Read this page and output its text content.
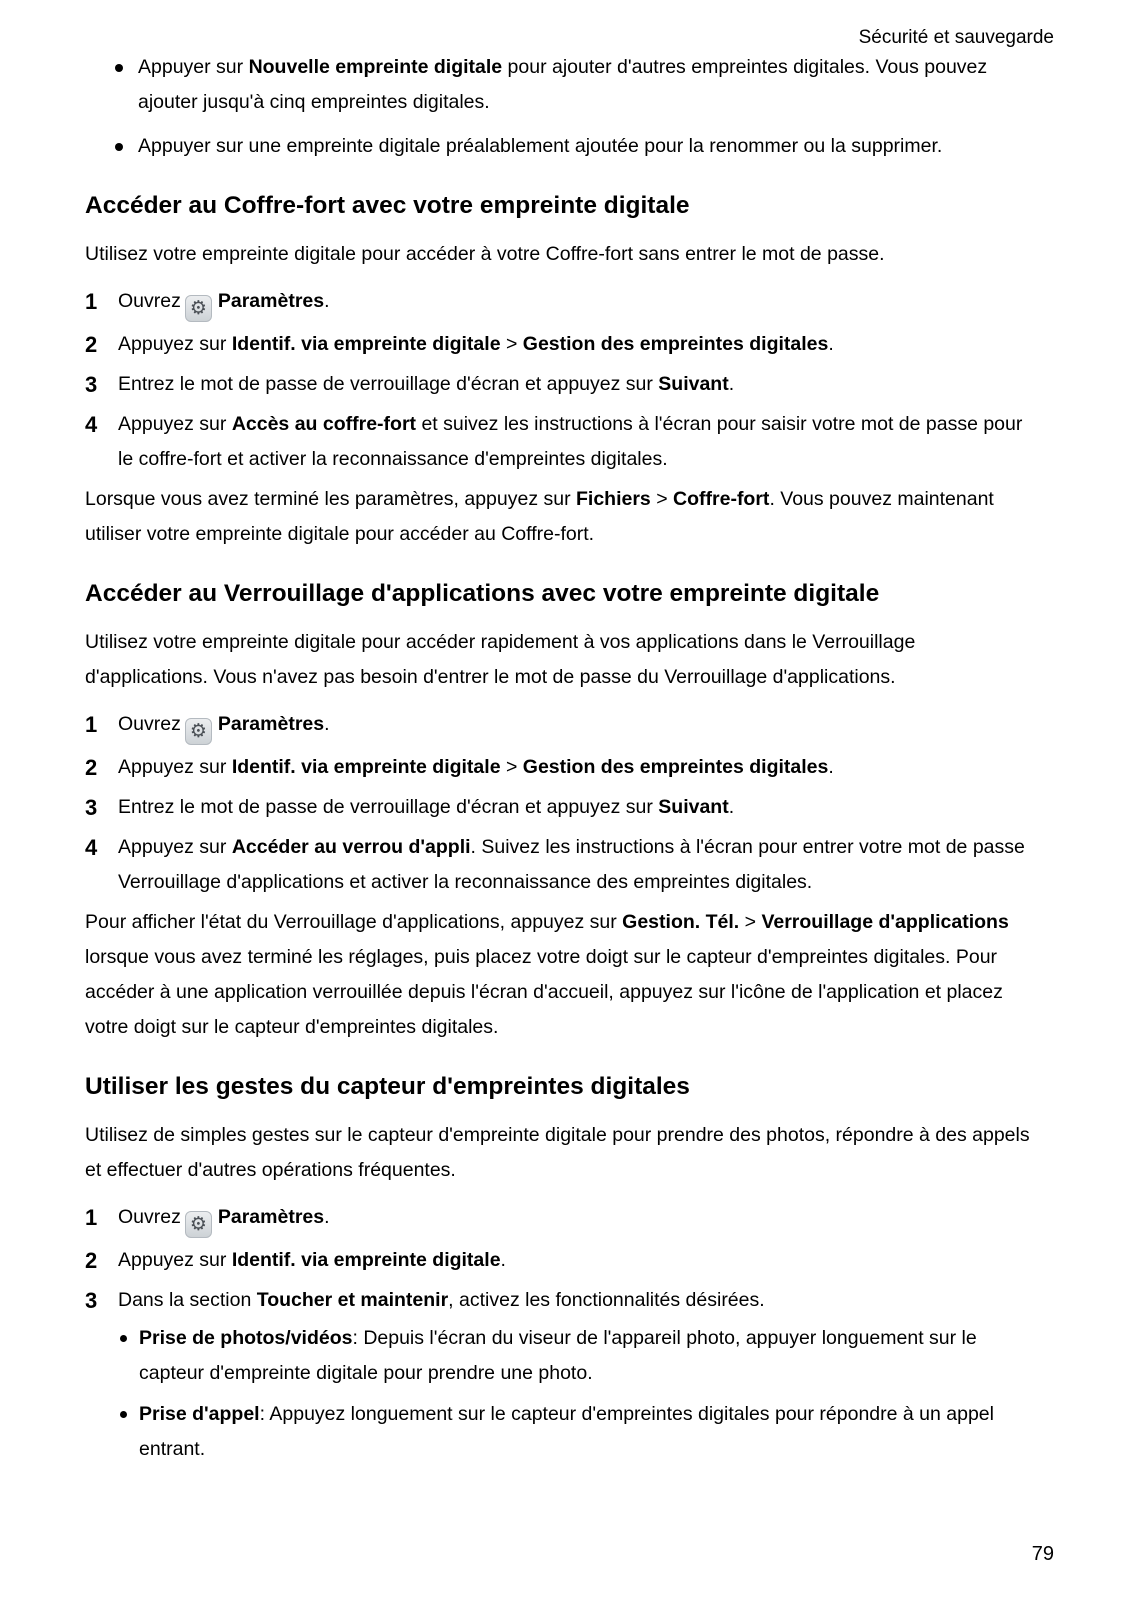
Sécurité et sauvegarde
Appuyer sur Nouvelle empreinte digitale pour ajouter d'autres empreintes digitales. Vous pouvez ajouter jusqu'à cinq empreintes digitales.
Appuyer sur une empreinte digitale préalablement ajoutée pour la renommer ou la supprimer.
Accéder au Coffre-fort avec votre empreinte digitale

Utilisez votre empreinte digitale pour accéder à votre Coffre-fort sans entrer le mot de passe.

1	Ouvrez ⚙ Paramètres.
2	Appuyez sur Identif. via empreinte digitale > Gestion des empreintes digitales.
3	Entrez le mot de passe de verrouillage d'écran et appuyez sur Suivant.
4	Appuyez sur Accès au coffre-fort et suivez les instructions à l'écran pour saisir votre mot de passe pour le coffre-fort et activer la reconnaissance d'empreintes digitales.

Lorsque vous avez terminé les paramètres, appuyez sur Fichiers > Coffre-fort. Vous pouvez maintenant utiliser votre empreinte digitale pour accéder au Coffre-fort.

Accéder au Verrouillage d'applications avec votre empreinte digitale

Utilisez votre empreinte digitale pour accéder rapidement à vos applications dans le Verrouillage d'applications. Vous n'avez pas besoin d'entrer le mot de passe du Verrouillage d'applications.

1	Ouvrez ⚙ Paramètres.
2	Appuyez sur Identif. via empreinte digitale > Gestion des empreintes digitales.
3	Entrez le mot de passe de verrouillage d'écran et appuyez sur Suivant.
4	Appuyez sur Accéder au verrou d'appli. Suivez les instructions à l'écran pour entrer votre mot de passe Verrouillage d'applications et activer la reconnaissance des empreintes digitales.

Pour afficher l'état du Verrouillage d'applications, appuyez sur Gestion. Tél. > Verrouillage d'applications lorsque vous avez terminé les réglages, puis placez votre doigt sur le capteur d'empreintes digitales. Pour accéder à une application verrouillée depuis l'écran d'accueil, appuyez sur l'icône de l'application et placez votre doigt sur le capteur d'empreintes digitales.

Utiliser les gestes du capteur d'empreintes digitales

Utilisez de simples gestes sur le capteur d'empreinte digitale pour prendre des photos, répondre à des appels et effectuer d'autres opérations fréquentes.

1	Ouvrez ⚙ Paramètres.
2	Appuyez sur Identif. via empreinte digitale.
3	Dans la section Toucher et maintenir, activez les fonctionnalités désirées.
Prise de photos/vidéos: Depuis l'écran du viseur de l'appareil photo, appuyer longuement sur le capteur d'empreinte digitale pour prendre une photo.
Prise d'appel: Appuyez longuement sur le capteur d'empreintes digitales pour répondre à un appel entrant.
79
